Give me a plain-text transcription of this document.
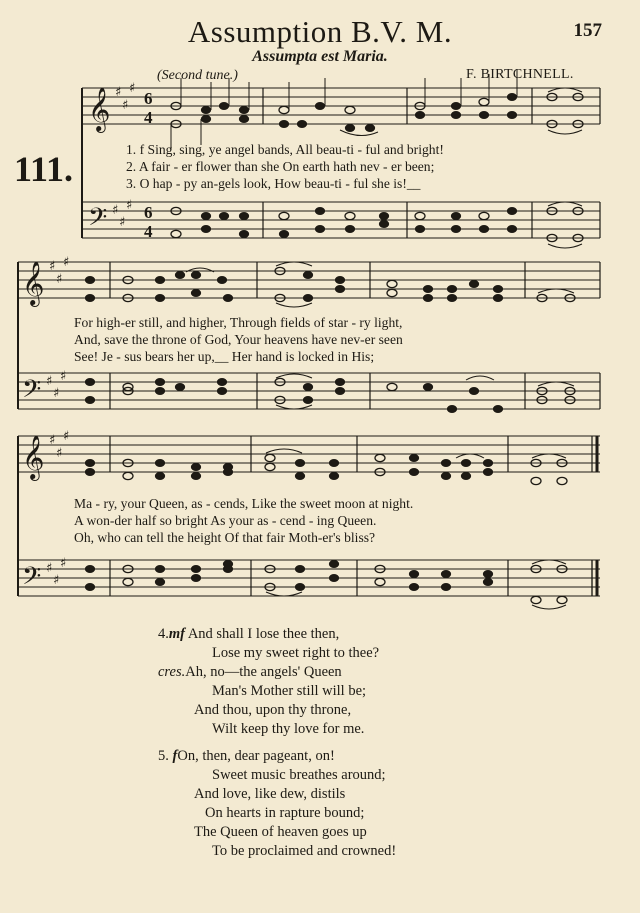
Assumption B.V. M.	157
Assumpta est Maria.
(Second tune.)	F. BIRTCHNELL.
111.
𝄞
𝄢
𝄞
𝄢
𝄞
𝄢
♯
♯
♯
♯
♯
♯
♯
♯
♯
♯
♯
♯
♯
♯
♯
♯
♯
♯
6
4
6
4
1. f Sing, sing, ye angel bands, All beau-ti - ful and bright!
2. A fair - er flower than she On earth hath nev - er been;
3. O hap - py an-gels look, How beau-ti - ful she is!__
For high-er still, and higher, Through fields of star - ry light,
And, save the throne of God, Your heavens have nev-er seen
See! Je - sus bears her up,__ Her hand is locked in His;
Ma - ry, your Queen, as - cends, Like the sweet moon at night.
A won-der half so bright As your as - cend - ing Queen.
Oh, who can tell the height Of that fair Moth-er's bliss?
4.mf And shall I lose thee then,
Lose my sweet right to thee?
cres.Ah, no—the angels' Queen
Man's Mother still will be;
And thou, upon thy throne,
Wilt keep thy love for me.
5. fOn, then, dear pageant, on!
Sweet music breathes around;
And love, like dew, distils
On hearts in rapture bound;
The Queen of heaven goes up
To be proclaimed and crowned!
